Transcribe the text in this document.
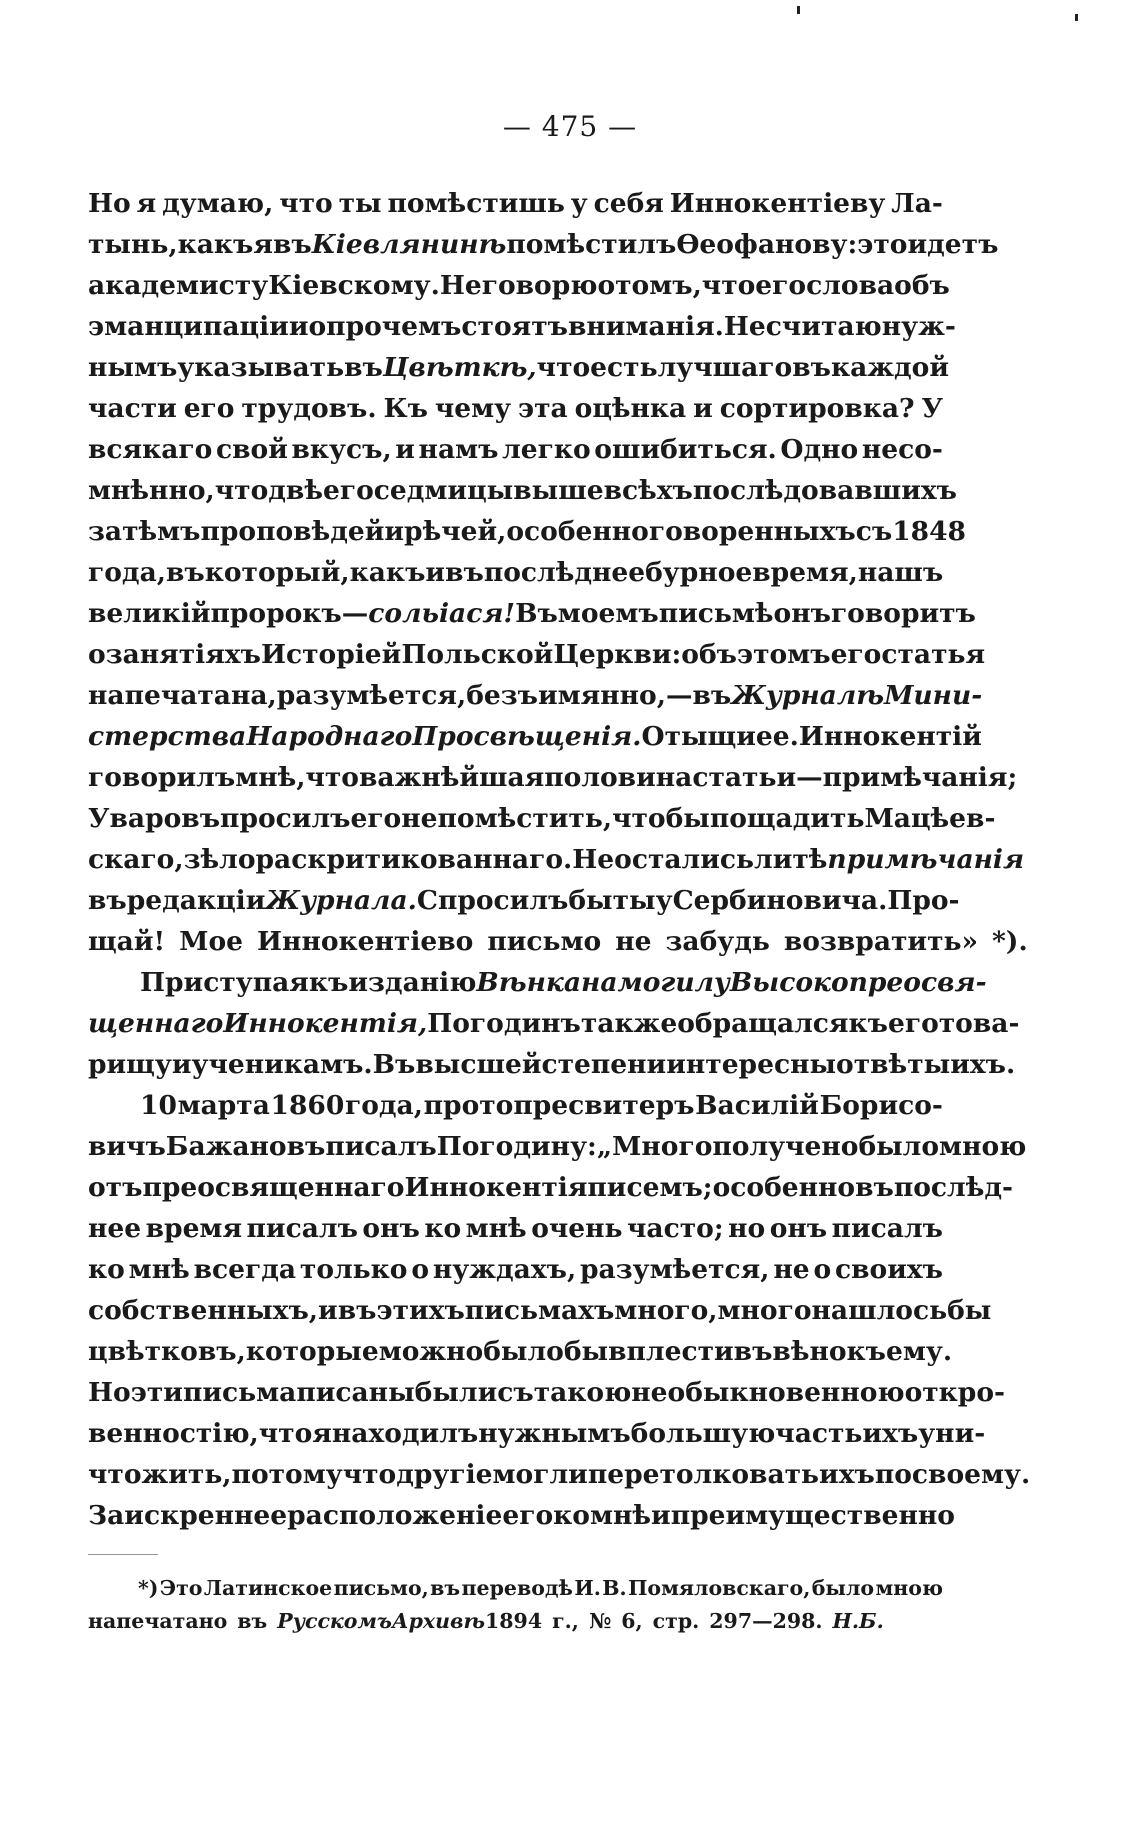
— 475 —
Но я думаю, что ты помѣстишь у себя Иннокентіеву Ла-
тынь, какъ я въ Кіевлянинѣ помѣстилъ Ѳеофанову: это идетъ
академисту Кіевскому. Не говорю о томъ, что его слова объ
эманципаціи и о прочемъ стоятъ вниманія. Не считаю нуж-
нымъ указывать въ Цвѣткѣ, что есть лучшаго въ каждой
части его трудовъ. Къ чему эта оцѣнка и сортировка? У
всякаго свой вкусъ, и намъ легко ошибиться. Одно несо-
мнѣнно, что двѣ его седмицы выше всѣхъ послѣдовавшихъ
затѣмъ проповѣдей и рѣчей, особенно говоренныхъ съ 1848
года, въ который, какъ и въ послѣднее бурное время, нашъ
великій пророкъ — сольіася! Въ моемъ письмѣ онъ говоритъ
о занятіяхъ Исторіей Польской Церкви: объ этомъ его статья
напечатана, разумѣется, безъимянно, — въ Журналѣ Мини-
стерства Народнаго Просвѣщенія. Отыщи ее. Иннокентій
говорилъ мнѣ, что важнѣйшая половина статьи—примѣчанія;
Уваровъ просилъ его не помѣстить, чтобы пощадить Мацѣев-
скаго, зѣло раскритикованнаго. Не остались ли тѣ примѣчанія
въ редакціи Журнала. Спросилъ бы ты у Сербиновича. Про-
щай! Мое Иннокентіево письмо не забудь возвратить» *).
Приступая къ изданію Вѣнка на могилу Высокопреосвя-
щеннаго Иннокентія, Погодинъ также обращался къ его това-
рищу и ученикамъ. Въ высшей степени интересны отвѣты ихъ.
10 марта 1860 года, протопресвитеръ Василій Борисо-
вичъ Бажановъ писалъ Погодину: „Много получено было мною
отъ преосвященнаго Иннокентія писемъ; особенно въ послѣд-
нее время писалъ онъ ко мнѣ очень часто; но онъ писалъ
ко мнѣ всегда только о нуждахъ, разумѣется, не о своихъ
собственныхъ, и въ этихъ письмахъ много, много нашлось бы
цвѣтковъ, которые можно было бы вплести въ вѣнокъ ему.
Но эти письма писаны были съ такою необыкновенною откро-
венностію, что я находилъ нужнымъ большую часть ихъ уни-
чтожить, потому что другіе могли перетолковать ихъ по своему.
За искреннее расположеніе его ко мнѣ и преимущественно
*) Это Латинское письмо, въ переводѣ И. В. Помяловскаго, было мною
напечатано въ Русскомъ Архивѣ 1894 г., № 6, стр. 297—298. Н. Б.
